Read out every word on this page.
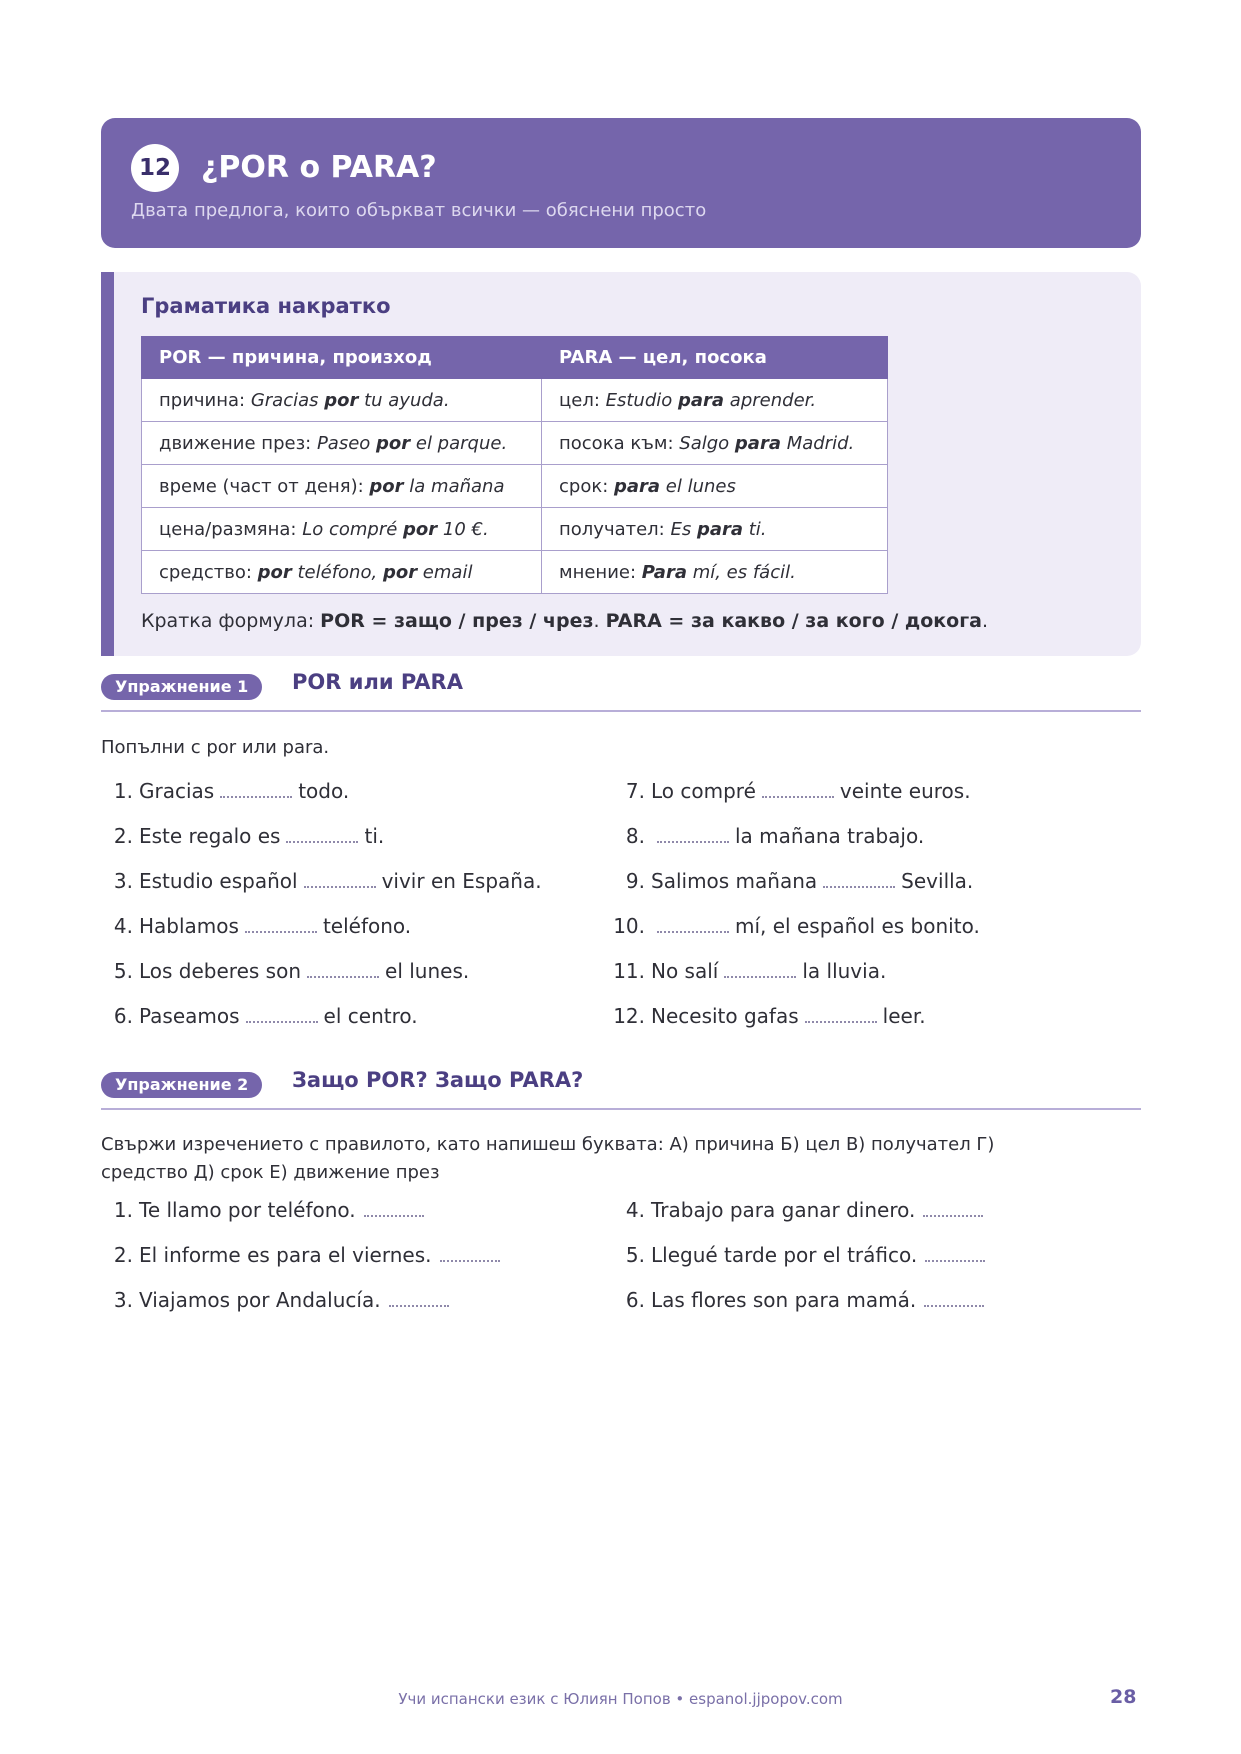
12 ¿POR o PARA?
Двата предлога, които объркват всички — обяснени просто
Граматика накратко
POR — причина, произход	PARA — цел, посока
причина: Gracias por tu ayuda.	цел: Estudio para aprender.
движение през: Paseo por el parque.	посока към: Salgo para Madrid.
време (част от деня): por la mañana	срок: para el lunes
цена/размяна: Lo compré por 10 €.	получател: Es para ti.
средство: por teléfono, por email	мнение: Para mí, es fácil.
Кратка формула: POR = защо / през / чрез. PARA = за какво / за кого / докога.
Упражнение 1	POR или PARA
Попълни с por или para.
1. Gracias	todo.
2. Este regalo es	ti.
3. Estudio español	vivir en España.
4. Hablamos	teléfono.
5. Los deberes son	el lunes.
6. Paseamos	el centro.
7. Lo compré	veinte euros.
8.	la mañana trabajo.
9. Salimos mañana	Sevilla.
10.	mí, el español es bonito.
11. No salí	la lluvia.
12. Necesito gafas	leer.
Упражнение 2	Защо POR? Защо PARA?
Свържи изречението с правилото, като напишеш буквата: А) причина Б) цел В) получател Г)
средство Д) срок Е) движение през
1. Te llamo por teléfono.
2. El informe es para el viernes.
3. Viajamos por Andalucía.
4. Trabajo para ganar dinero.
5. Llegué tarde por el tráfico.
6. Las flores son para mamá.
Учи испански език с Юлиян Попов • espanol.jjpopov.com	28
